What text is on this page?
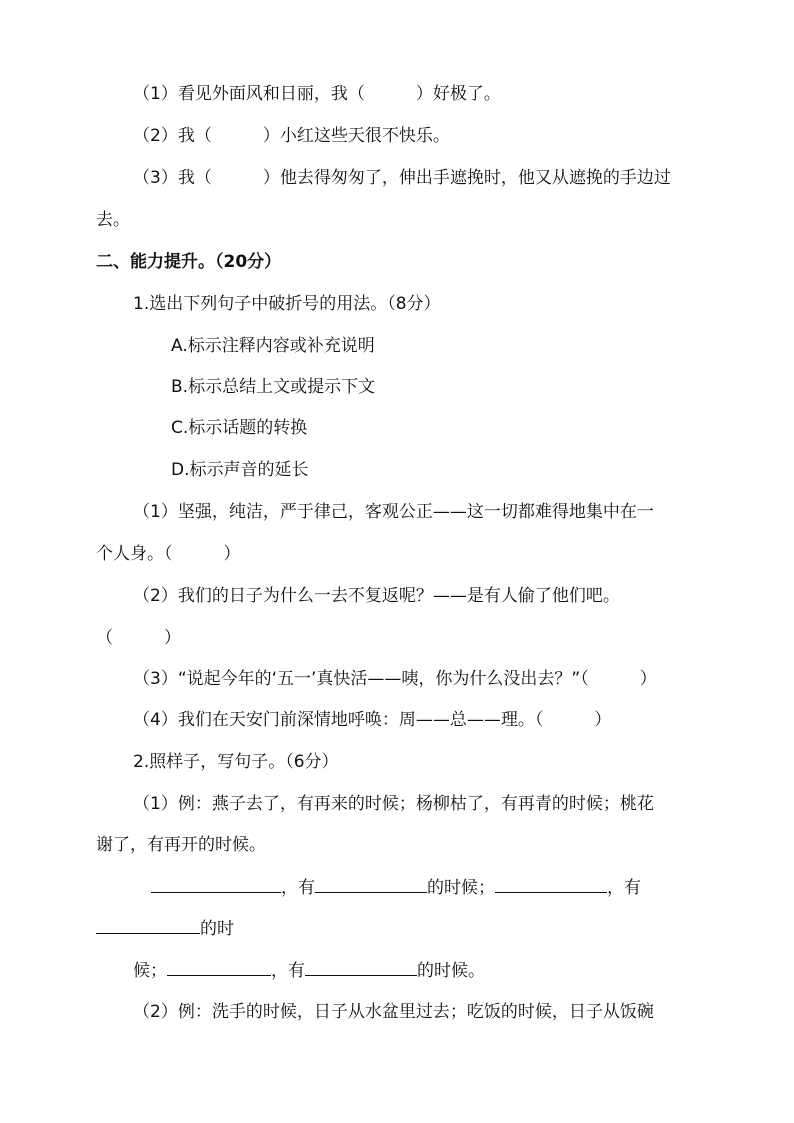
（1）看见外面风和日丽，我（　　　）好极了。
（2）我（　　　）小红这些天很不快乐。
（3）我（　　　）他去得匆匆了，伸出手遮挽时，他又从遮挽的手边过
去。
二、能力提升。（20分）
1.选出下列句子中破折号的用法。（8分）
A.标示注释内容或补充说明
B.标示总结上文或提示下文
C.标示话题的转换
D.标示声音的延长
（1）坚强，纯洁，严于律己，客观公正——这一切都难得地集中在一
个人身。（　　　）
（2）我们的日子为什么一去不复返呢？——是有人偷了他们吧。
（　　　）
（3）“说起今年的‘五一’真快活——咦，你为什么没出去？”（　　　）
（4）我们在天安门前深情地呼唤：周——总——理。（　　　）
2.照样子，写句子。（6分）
（1）例：燕子去了，有再来的时候；杨柳枯了，有再青的时候；桃花
谢了，有再开的时候。
，有	的时候；	，有
的时
候；	，有	的时候。
（2）例：洗手的时候，日子从水盆里过去；吃饭的时候，日子从饭碗
